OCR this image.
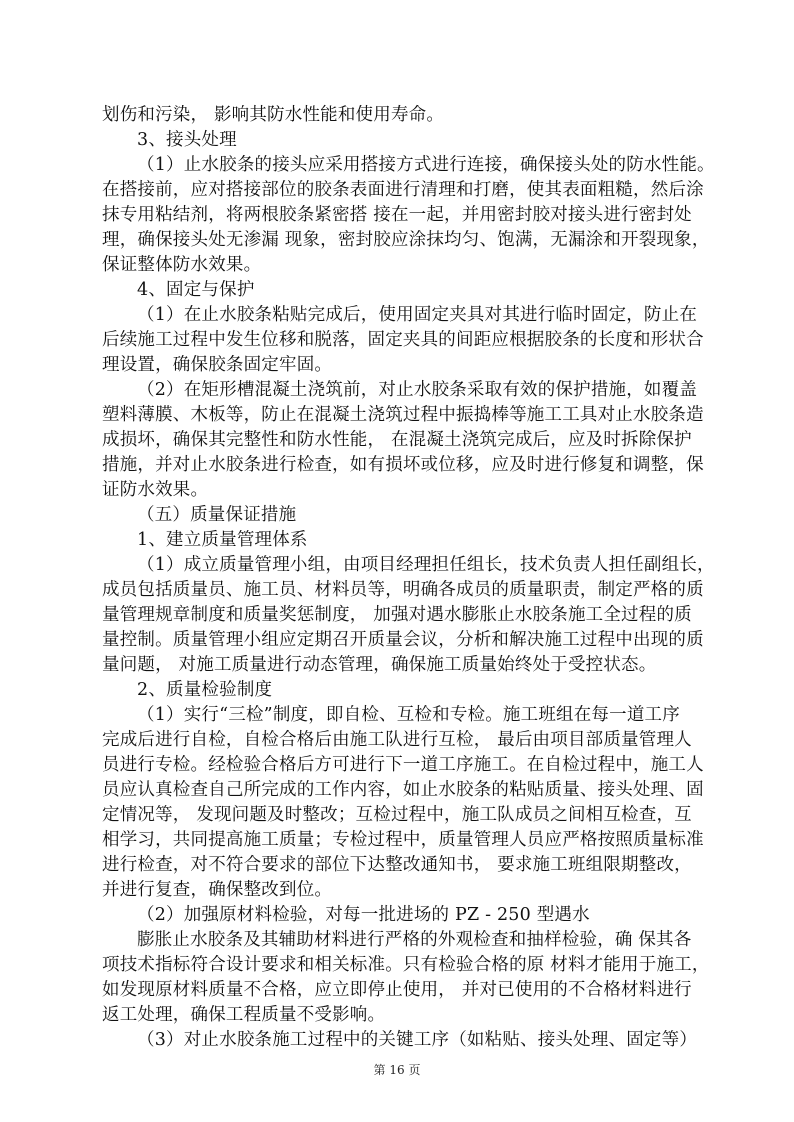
划伤和污染， 影响其防水性能和使用寿命。
3、接头处理
（1）止水胶条的接头应采用搭接方式进行连接，确保接头处的防水性能。
在搭接前，应对搭接部位的胶条表面进行清理和打磨，使其表面粗糙，然后涂
抹专用粘结剂，将两根胶条紧密搭 接在一起，并用密封胶对接头进行密封处
理，确保接头处无渗漏 现象，密封胶应涂抹均匀、饱满，无漏涂和开裂现象，
保证整体防水效果。
4、固定与保护
（1）在止水胶条粘贴完成后，使用固定夹具对其进行临时固定，防止在
后续施工过程中发生位移和脱落，固定夹具的间距应根据胶条的长度和形状合
理设置，确保胶条固定牢固。
（2）在矩形槽混凝土浇筑前，对止水胶条采取有效的保护措施，如覆盖
塑料薄膜、木板等，防止在混凝土浇筑过程中振捣棒等施工工具对止水胶条造
成损坏，确保其完整性和防水性能， 在混凝土浇筑完成后，应及时拆除保护
措施，并对止水胶条进行检查，如有损坏或位移，应及时进行修复和调整，保
证防水效果。
（五）质量保证措施
1、建立质量管理体系
（1）成立质量管理小组，由项目经理担任组长，技术负责人担任副组长，
成员包括质量员、施工员、材料员等，明确各成员的质量职责，制定严格的质
量管理规章制度和质量奖惩制度， 加强对遇水膨胀止水胶条施工全过程的质
量控制。质量管理小组应定期召开质量会议，分析和解决施工过程中出现的质
量问题， 对施工质量进行动态管理，确保施工质量始终处于受控状态。
2、质量检验制度
（1）实行“三检”制度，即自检、互检和专检。施工班组在每一道工序
完成后进行自检，自检合格后由施工队进行互检， 最后由项目部质量管理人
员进行专检。经检验合格后方可进行下一道工序施工。在自检过程中，施工人
员应认真检查自己所完成的工作内容，如止水胶条的粘贴质量、接头处理、固
定情况等， 发现问题及时整改；互检过程中，施工队成员之间相互检查，互
相学习，共同提高施工质量；专检过程中，质量管理人员应严格按照质量标准
进行检查，对不符合要求的部位下达整改通知书， 要求施工班组限期整改，
并进行复查，确保整改到位。
（2）加强原材料检验，对每一批进场的 PZ - 250 型遇水
膨胀止水胶条及其辅助材料进行严格的外观检查和抽样检验，确 保其各
项技术指标符合设计要求和相关标准。只有检验合格的原 材料才能用于施工，
如发现原材料质量不合格，应立即停止使用， 并对已使用的不合格材料进行
返工处理，确保工程质量不受影响。
（3）对止水胶条施工过程中的关键工序（如粘贴、接头处理、固定等）
第 16 页
